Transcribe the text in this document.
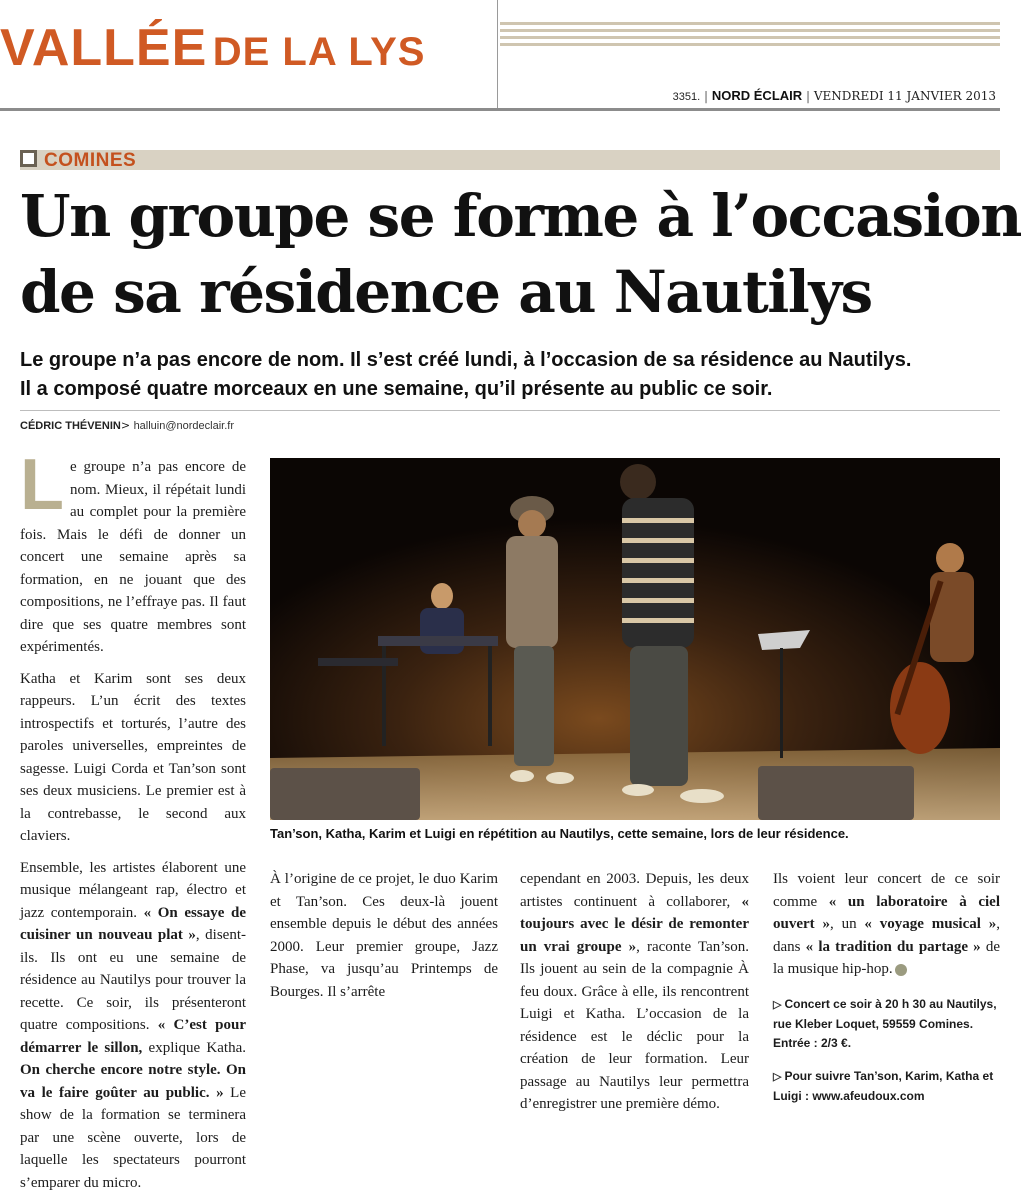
VALLÉE DE LA LYS
3351. | NORD ÉCLAIR | VENDREDI 11 JANVIER 2013
COMINES
Un groupe se forme à l’occasion
de sa résidence au Nautilys
Le groupe n’a pas encore de nom. Il s’est créé lundi, à l’occasion de sa résidence au Nautilys.
Il a composé quatre morceaux en une semaine, qu’il présente au public ce soir.
CÉDRIC THÉVENIN> halluin@nordeclair.fr

Le groupe n’a pas encore de nom. Mieux, il répétait lundi au complet pour la première fois. Mais le défi de donner un concert une semaine après sa formation, en ne jouant que des compositions, ne l’effraye pas. Il faut dire que ses quatre membres sont expérimentés.

Katha et Karim sont ses deux rappeurs. L’un écrit des textes introspectifs et torturés, l’autre des paroles universelles, empreintes de sagesse. Luigi Corda et Tan’son sont ses deux musiciens. Le premier est à la contrebasse, le second aux claviers.

Ensemble, les artistes élaborent une musique mélangeant rap, électro et jazz contemporain. « On essaye de cuisiner un nouveau plat », disent-ils. Ils ont eu une semaine de résidence au Nautilys pour trouver la recette. Ce soir, ils présenteront quatre compositions. « C’est pour démarrer le sillon, explique Katha. On cherche encore notre style. On va le faire goûter au public. » Le show de la formation se terminera par une scène ouverte, lors de laquelle les spectateurs pourront s’emparer du micro.

Tan’son, Katha, Karim et Luigi en répétition au Nautilys, cette semaine, lors de leur résidence.

À l’origine de ce projet, le duo Karim et Tan’son. Ces deux-là jouent ensemble depuis le début des années 2000. Leur premier groupe, Jazz Phase, va jusqu’au Printemps de Bourges. Il s’arrête

cependant en 2003. Depuis, les deux artistes continuent à collaborer, « toujours avec le désir de remonter un vrai groupe », raconte Tan’son. Ils jouent au sein de la compagnie À feu doux. Grâce à elle, ils rencontrent Luigi et Katha. L’occasion de la résidence est le déclic pour la création de leur formation. Leur passage au Nautilys leur permettra d’enregistrer une première démo.

Ils voient leur concert de ce soir comme « un laboratoire à ciel ouvert », un « voyage musical », dans « la tradition du partage » de la musique hip-hop.

▷ Concert ce soir à 20 h 30 au Nautilys, rue Kleber Loquet, 59559 Comines. Entrée : 2/3 €.

▷ Pour suivre Tan’son, Karim, Katha et Luigi : www.afeudoux.com
